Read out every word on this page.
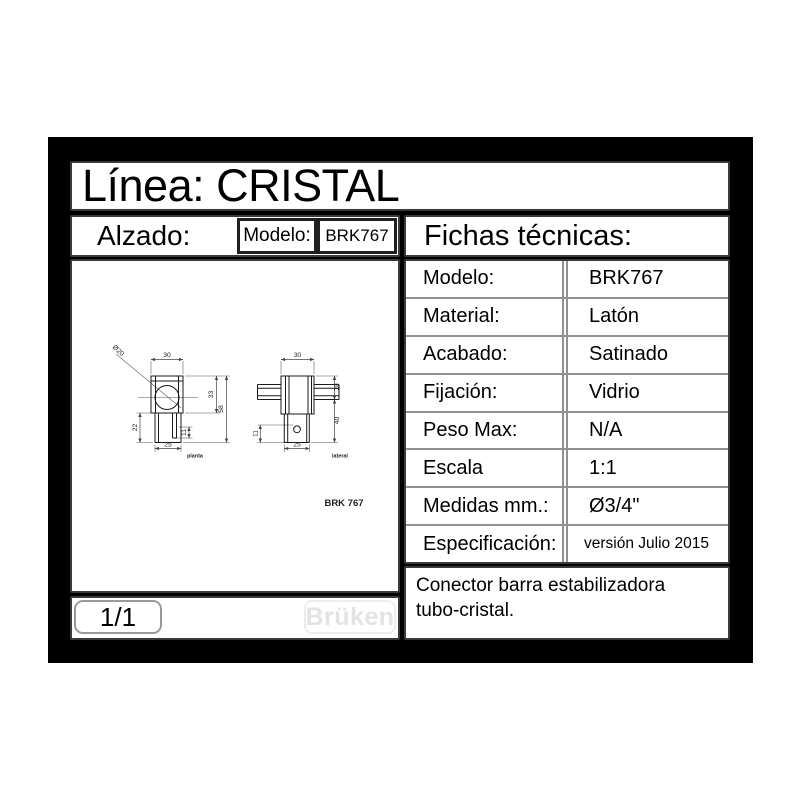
Línea: CRISTAL
Alzado:	Modelo: BRK767	Fichas técnicas:
30
Ø20
33
58
22
11
25
30
18
40
11
25
planta	lateral
BRK 767
Modelo:	BRK767
Material:	Latón
Acabado:	Satinado
Fijación:	Vidrio
Peso Max:	N/A
Escala	1:1
Medidas mm.:	Ø3/4"
Especificación:	versión Julio 2015
Conector barra estabilizadora tubo-cristal.
1/1	Brüken
